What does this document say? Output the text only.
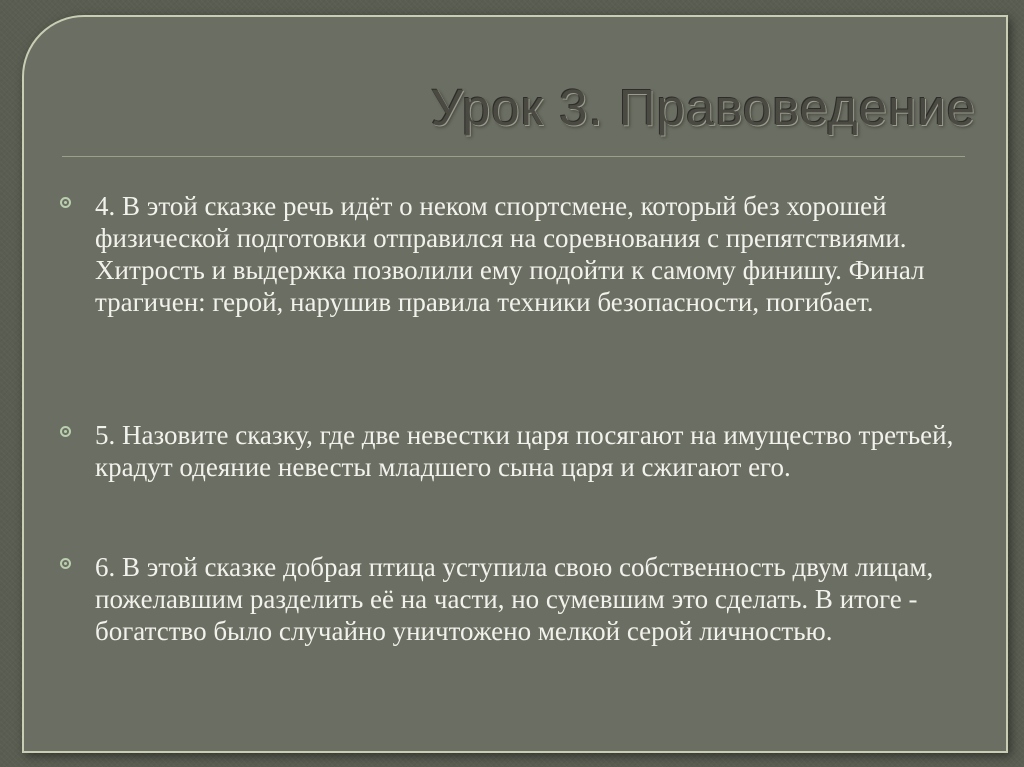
Урок 3. Правоведение
4. В этой сказке речь идёт о неком спортсмене, который без хорошей физической подготовки отправился на соревнования с препятствиями. Хитрость и выдержка позволили ему подойти к самому финишу. Финал трагичен: герой, нарушив правила техники безопасности, погибает.
5. Назовите сказку, где две невестки царя посягают на имущество третьей, крадут одеяние невесты младшего сына царя и сжигают его.
6. В этой сказке добрая птица уступила свою собственность двум лицам, пожелавшим разделить её на части, но сумевшим это сделать. В итоге - богатство было случайно уничтожено мелкой серой личностью.
